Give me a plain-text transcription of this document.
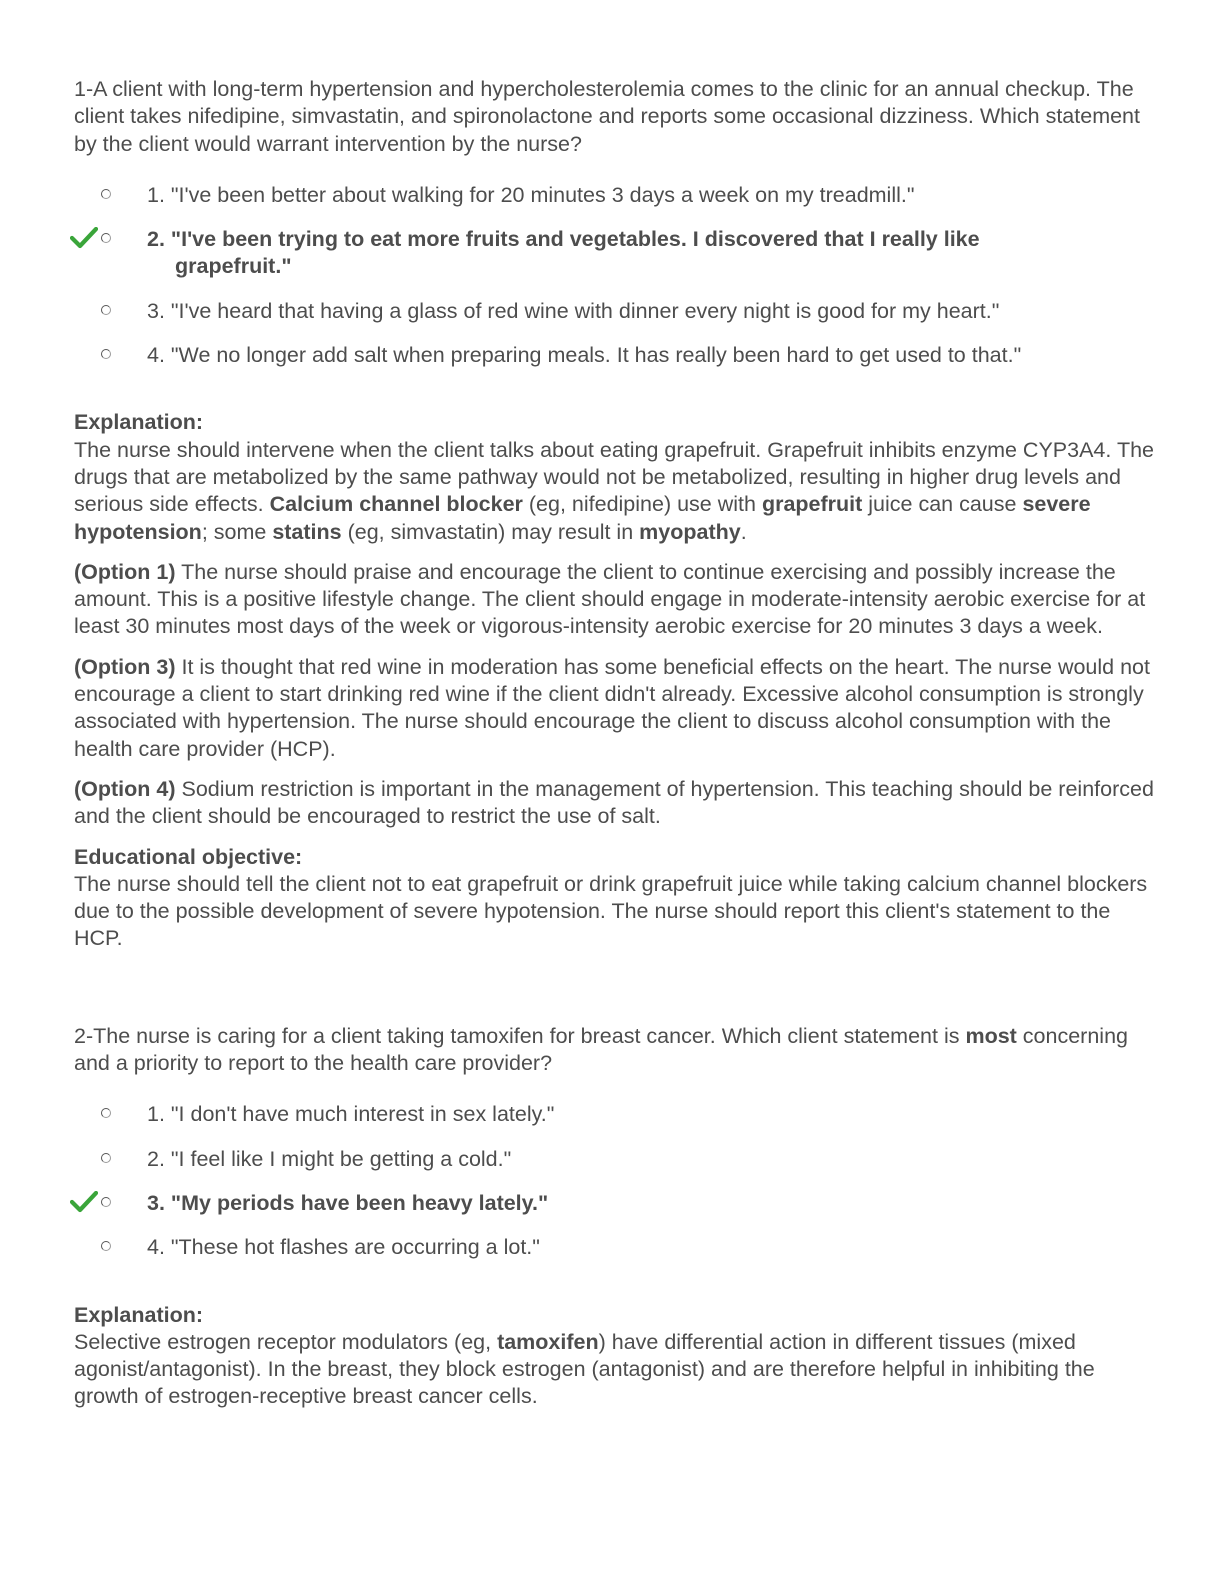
1-A client with long-term hypertension and hypercholesterolemia comes to the clinic for an annual checkup. The client takes nifedipine, simvastatin, and spironolactone and reports some occasional dizziness. Which statement by the client would warrant intervention by the nurse?

1. "I've been better about walking for 20 minutes 3 days a week on my treadmill."
2. "I've been trying to eat more fruits and vegetables. I discovered that I really like grapefruit."
3. "I've heard that having a glass of red wine with dinner every night is good for my heart."
4. "We no longer add salt when preparing meals. It has really been hard to get used to that."

Explanation:

The nurse should intervene when the client talks about eating grapefruit. Grapefruit inhibits enzyme CYP3A4. The drugs that are metabolized by the same pathway would not be metabolized, resulting in higher drug levels and serious side effects. Calcium channel blocker (eg, nifedipine) use with grapefruit juice can cause severe hypotension; some statins (eg, simvastatin) may result in myopathy.

(Option 1) The nurse should praise and encourage the client to continue exercising and possibly increase the amount. This is a positive lifestyle change. The client should engage in moderate-intensity aerobic exercise for at least 30 minutes most days of the week or vigorous-intensity aerobic exercise for 20 minutes 3 days a week.

(Option 3) It is thought that red wine in moderation has some beneficial effects on the heart. The nurse would not encourage a client to start drinking red wine if the client didn't already. Excessive alcohol consumption is strongly associated with hypertension. The nurse should encourage the client to discuss alcohol consumption with the health care provider (HCP).

(Option 4) Sodium restriction is important in the management of hypertension. This teaching should be reinforced and the client should be encouraged to restrict the use of salt.

Educational objective:

The nurse should tell the client not to eat grapefruit or drink grapefruit juice while taking calcium channel blockers due to the possible development of severe hypotension. The nurse should report this client's statement to the HCP.

2-The nurse is caring for a client taking tamoxifen for breast cancer. Which client statement is most concerning and a priority to report to the health care provider?

1. "I don't have much interest in sex lately."
2. "I feel like I might be getting a cold."
3. "My periods have been heavy lately."
4. "These hot flashes are occurring a lot."

Explanation:

Selective estrogen receptor modulators (eg, tamoxifen) have differential action in different tissues (mixed agonist/antagonist). In the breast, they block estrogen (antagonist) and are therefore helpful in inhibiting the growth of estrogen-receptive breast cancer cells.
